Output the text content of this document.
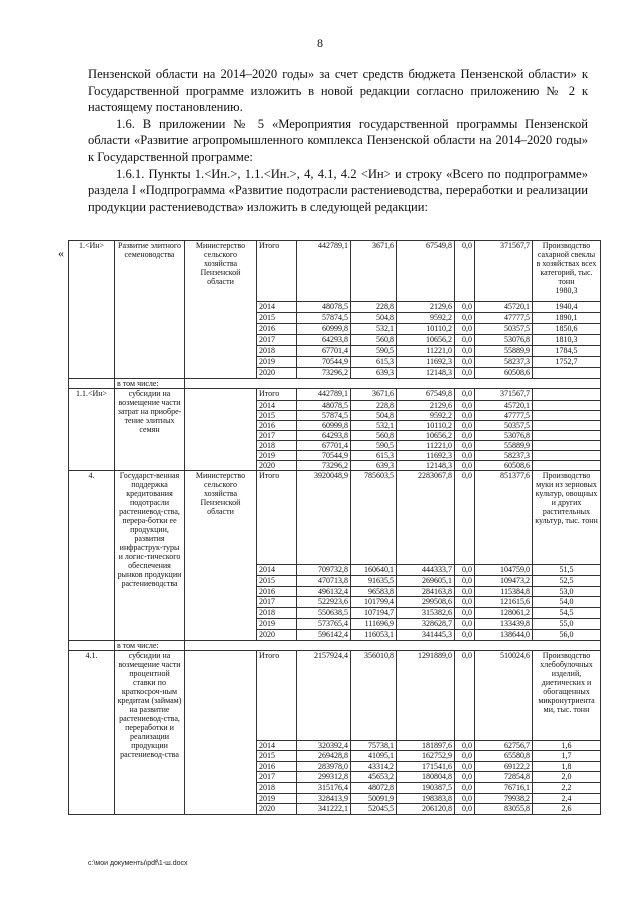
8

Пензенской области на 2014–2020 годы» за счет средств бюджета Пензенской области» к Государственной программе изложить в новой редакции согласно приложению № 2 к настоящему постановлению.

1.6. В приложении № 5 «Мероприятия государственной программы Пензенской области «Развитие агропромышленного комплекса Пензенской области на 2014–2020 годы» к Государственной программе:

1.6.1. Пункты 1.<Ин.>, 1.1.<Ин.>, 4, 4.1, 4.2 <Ин> и строку «Всего по подпрограмме» раздела I «Подпрограмма «Развитие подотрасли растениеводства, переработки и реализации продукции растениеводства» изложить в следующей редакции:

«
1.<Ин>	Развитие элитного семеноводства	Министерство сельского хозяйства Пензенской области	Итого	442789,1	3671,6	67549,8	0,0	371567,7	Производство сахарной свеклы в хозяйствах всех категорий, тыс. тонн
1980,3

			2014	48078,5	228,8	2129,6	0,0	45720,1	1940,4
			2015	57874,5	504,8	9592,2	0,0	47777,5	1890,1
			2016	60999,8	532,1	10110,2	0,0	50357,5	1850,6
			2017	64293,8	560,8	10656,2	0,0	53076,8	1810,3
			2018	67701,4	590,5	11221,0	0,0	55889,9	1784,5
			2019	70544,9	615,3	11692,3	0,0	58237,3	1752,7
			2020	73296,2	639,3	12148,3	0,0	60508,6	
	в том числе:								
1.1.<Ин>	субсидии на возмещение части затрат на приобре-тение элитных семян		Итого	442789,1	3671,6	67549,8	0,0	371567,7	

			2014	48078,5	228,8	2129,6	0,0	45720,1	
			2015	57874,5	504,8	9592,2	0,0	47777,5	
			2016	60999,8	532,1	10110,2	0,0	50357,5	
			2017	64293,8	560,8	10656,2	0,0	53076,8	
			2018	67701,4	590,5	11221,0	0,0	55889,9	
			2019	70544,9	615,3	11692,3	0,0	58237,3	
			2020	73296,2	639,3	12148,3	0,0	60508,6	
4.	Государст-венная поддержка кредитования подотрасли растениевод-ства, перера-ботки ее продукции, развития инфраструк-туры и логис-тического обеспечения рынков продукции растениеводства	Министерство сельского хозяйства Пензенской области	Итого	3920048,9	785603,5	2283067,8	0,0	851377,6	Производство муки из зерновых культур, овощных и других растительных культур, тыс. тонн

			2014	709732,8	160640,1	444333,7	0,0	104759,0	51,5
			2015	470713,8	91635,5	269605,1	0,0	109473,2	52,5
			2016	496132,4	96583,8	284163,8	0,0	115384,8	53,0
			2017	522923,6	101799,4	299508,6	0,0	121615,6	54,0
			2018	550638,5	107194,7	315382,6	0,0	128061,2	54,5
			2019	573765,4	111696,9	328628,7	0,0	133439,8	55,0
			2020	596142,4	116053,1	341445,3	0,0	138644,0	56,0
	в том числе:								
4.1.	субсидии на возмещение части процентной ставки по краткосроч-ным кредитам (займам) на развитие растениевод-ства, переработки и реализации продукции растениевод-ства		Итого	2157924,4	356010,8	1291889,0	0,0	510024,6	Производство хлебобулочных изделий, диетических и обогащенных микронутриента ми, тыс. тонн

			2014	320392,4	75738,1	181897,6	0,0	62756,7	1,6
			2015	269428,8	41095,1	162752,9	0,0	65580,8	1,7
			2016	283978,0	43314,2	171541,6	0,0	69122,2	1,8
			2017	299312,8	45653,2	180804,8	0,0	72854,8	2,0
			2018	315176,4	48072,8	190387,5	0,0	76716,1	2,2
			2019	328413,9	50091,9	198383,8	0,0	79938,2	2,4
			2020	341222,1	52045,5	206120,8	0,0	83055,8	2,6
c:\мои документы\pdf\1-ш.docx
